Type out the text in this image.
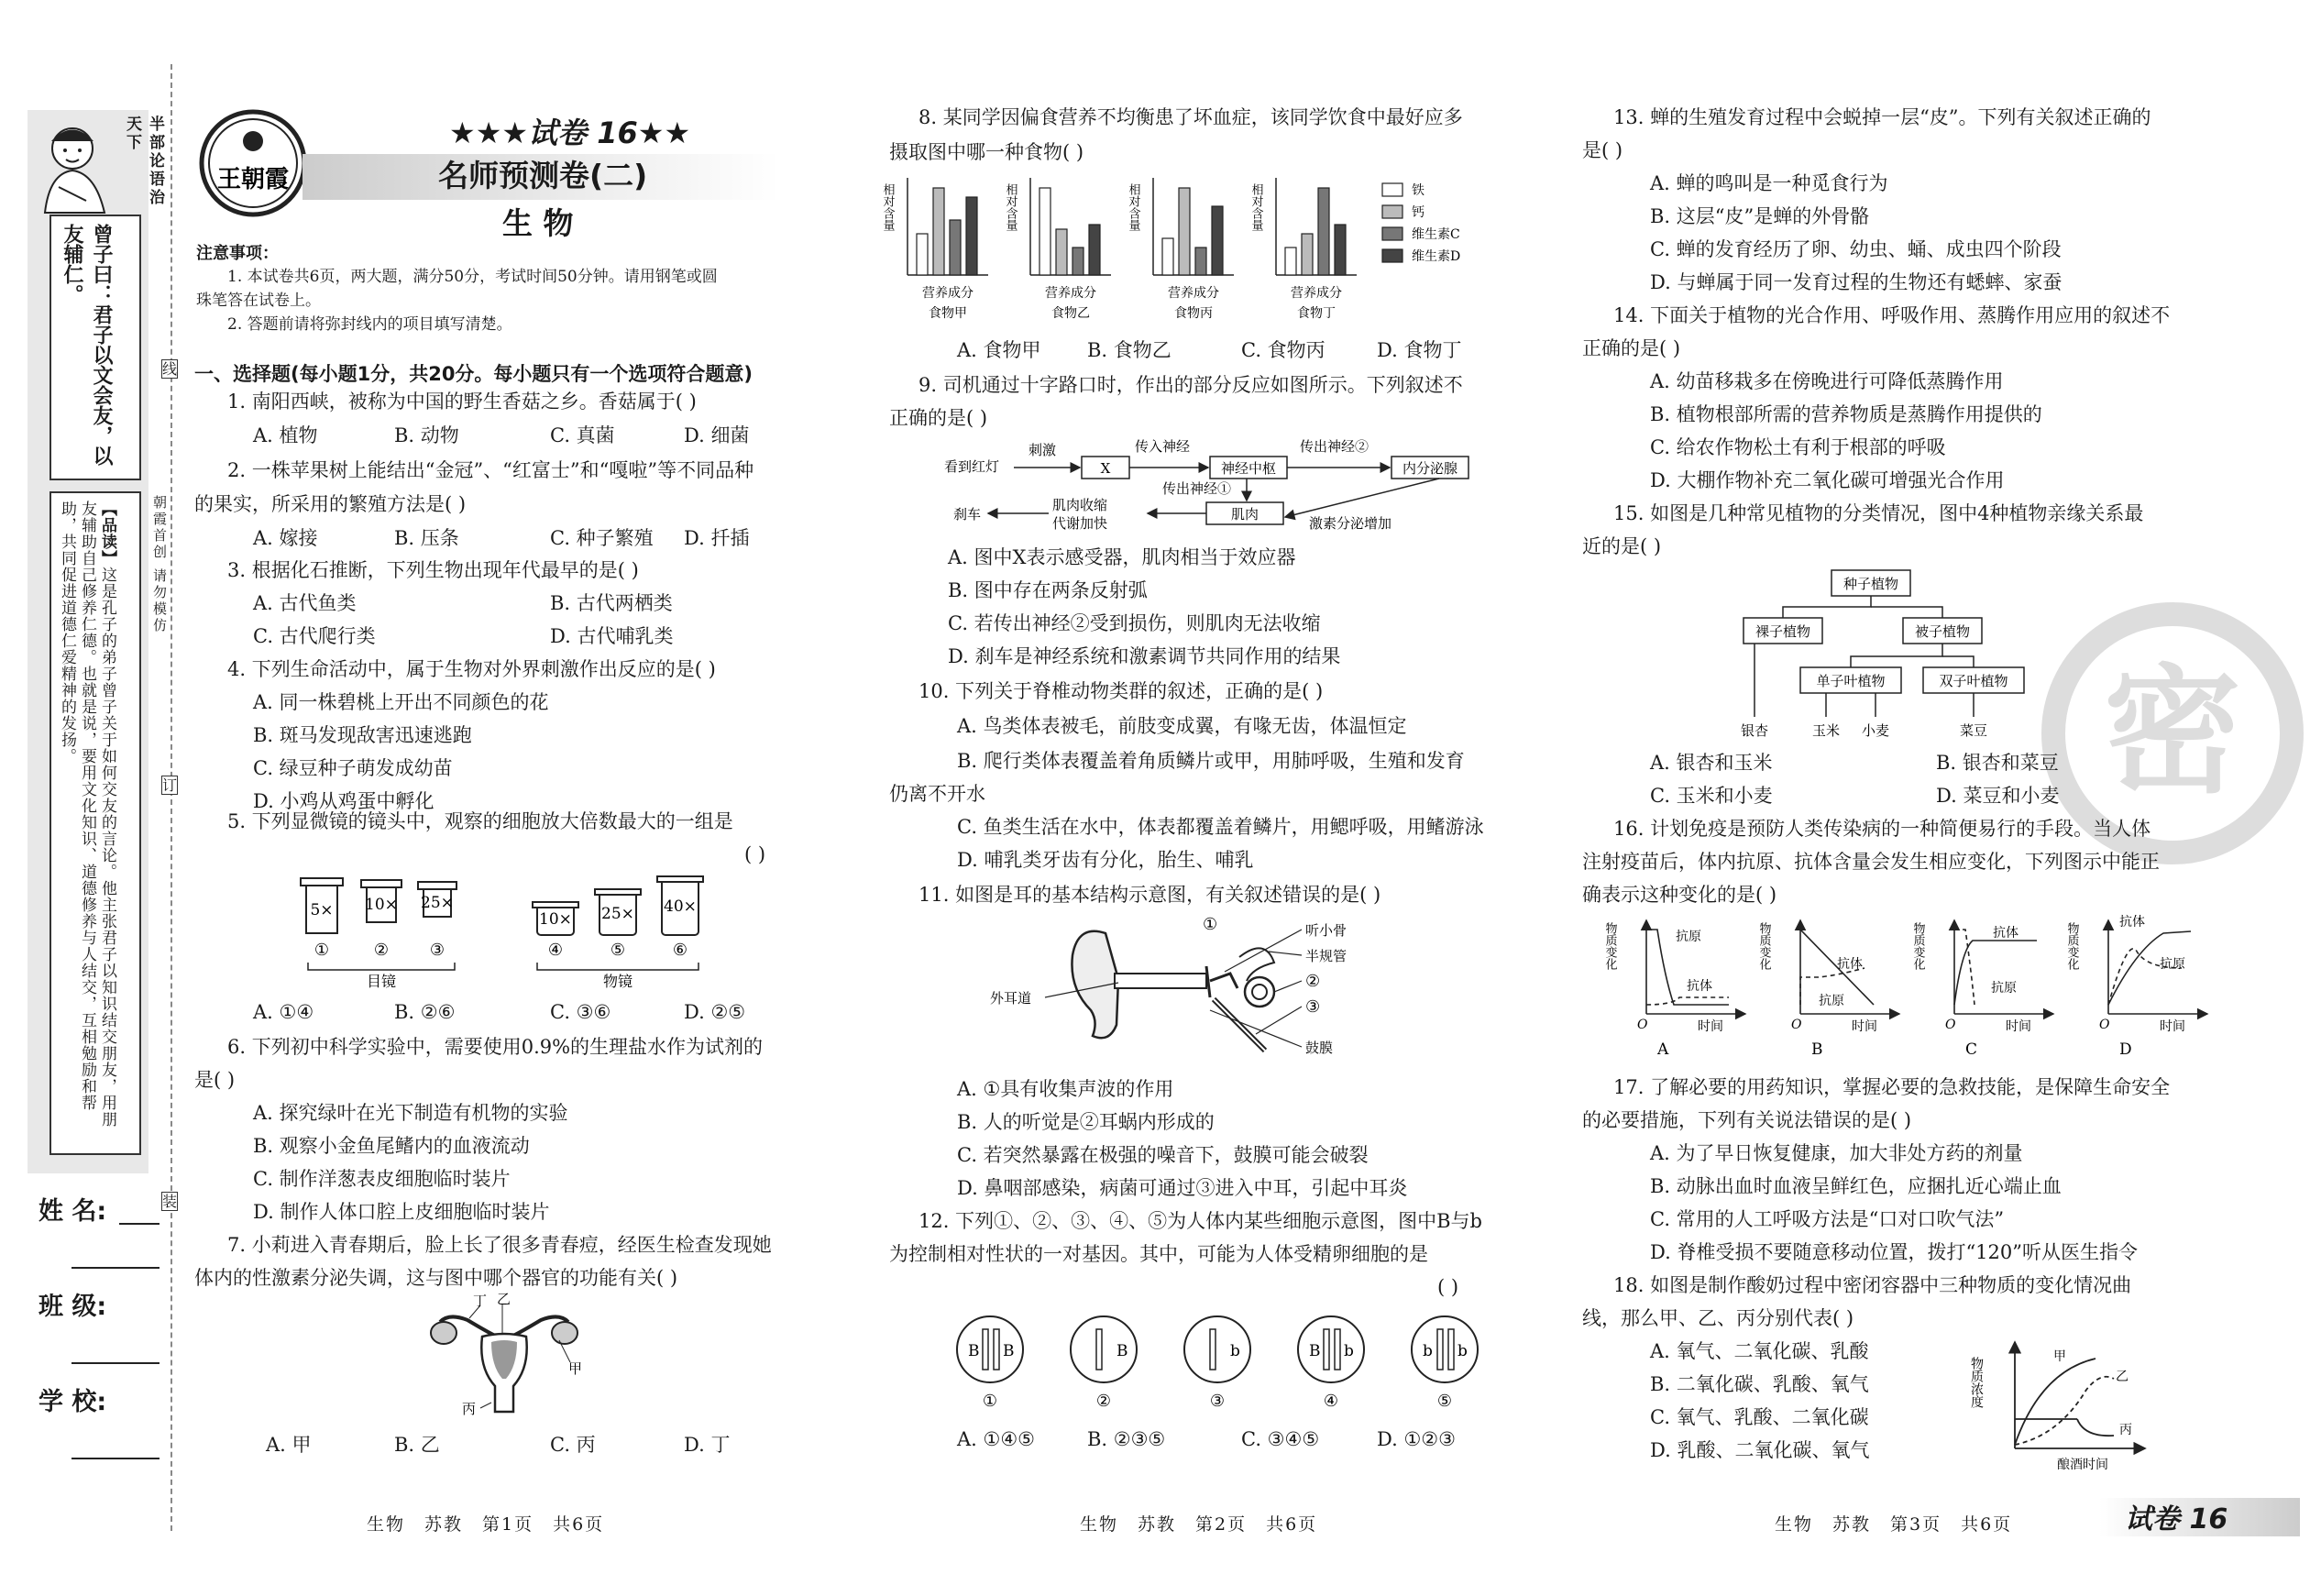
半部论语治天下
曾子曰：君子以文会友，以友辅仁。
【品读】这是孔子的弟子曾子关于如何交友的言论。他主张君子以知识结交朋友，用朋友辅助自己修养仁德。也就是说，要用文化知识、道德修养与人结交，互相勉励和帮助，共同促进道德仁爱精神的发扬。
姓 名:
班 级:
学 校:
线
订
装
朝霞首创 请勿模仿
王朝霞
★★★试卷 16★★
名师预测卷(二)
生 物
注意事项：
1. 本试卷共6页，两大题，满分50分，考试时间50分钟。请用钢笔或圆
珠笔答在试卷上。
2. 答题前请将弥封线内的项目填写清楚。
一、选择题(每小题1分，共20分。每小题只有一个选项符合题意)
1. 南阳西峡，被称为中国的野生香菇之乡。香菇属于( )
A. 植物	B. 动物	C. 真菌	D. 细菌
2. 一株苹果树上能结出“金冠”、“红富士”和“嘎啦”等不同品种
的果实，所采用的繁殖方法是( )
A. 嫁接	B. 压条	C. 种子繁殖 D. 扦插
3. 根据化石推断，下列生物出现年代最早的是( )
A. 古代鱼类	B. 古代两栖类
C. 古代爬行类	D. 古代哺乳类
4. 下列生命活动中，属于生物对外界刺激作出反应的是( )
A. 同一株碧桃上开出不同颜色的花
B. 斑马发现敌害迅速逃跑
C. 绿豆种子萌发成幼苗
D. 小鸡从鸡蛋中孵化
5. 下列显微镜的镜头中，观察的细胞放大倍数最大的一组是
( )
5× 10× 25×
10× 25× 40×
①	② ③	④	⑤	⑥
目镜	物镜
A. ①④	B. ②⑥	C. ③⑥	D. ②⑤
6. 下列初中科学实验中，需要使用0.9%的生理盐水作为试剂的
是( )
A. 探究绿叶在光下制造有机物的实验
B. 观察小金鱼尾鳍内的血液流动
C. 制作洋葱表皮细胞临时装片
D. 制作人体口腔上皮细胞临时装片
7. 小莉进入青春期后，脸上长了很多青春痘，经医生检查发现她
体内的性激素分泌失调，这与图中哪个器官的功能有关( )
丁 乙
甲
丙
A. 甲	B. 乙	C. 丙	D. 丁
生物　苏教　第1页　共6页
8. 某同学因偏食营养不均衡患了坏血症，该同学饮食中最好应多
摄取图中哪一种食物( )
相对含量
营养成分
食物甲
相对含量
营养成分
食物乙
相对含量
营养成分
食物丙
相对含量
营养成分
食物丁
铁
钙
维生素C
维生素D
A. 食物甲 B. 食物乙	C. 食物丙	D. 食物丁
9. 司机通过十字路口时，作出的部分反应如图所示。下列叙述不
正确的是( )
看到红灯
刺激
X
传入神经
神经中枢
传出神经②
内分泌腺
传出神经①
肌肉
激素分泌增加
刹车
肌肉收缩
代谢加快
A. 图中X表示感受器，肌肉相当于效应器
B. 图中存在两条反射弧
C. 若传出神经②受到损伤，则肌肉无法收缩
D. 刹车是神经系统和激素调节共同作用的结果
10. 下列关于脊椎动物类群的叙述，正确的是( )
A. 鸟类体表被毛，前肢变成翼，有喙无齿，体温恒定
B. 爬行类体表覆盖着角质鳞片或甲，用肺呼吸，生殖和发育
仍离不开水
C. 鱼类生活在水中，体表都覆盖着鳞片，用鳃呼吸，用鳍游泳
D. 哺乳类牙齿有分化，胎生、哺乳
11. 如图是耳的基本结构示意图，有关叙述错误的是( )
听小骨
半规管
②
③
鼓膜
①
外耳道
A. ①具有收集声波的作用
B. 人的听觉是②耳蜗内形成的
C. 若突然暴露在极强的噪音下，鼓膜可能会破裂
D. 鼻咽部感染，病菌可通过③进入中耳，引起中耳炎
12. 下列①、②、③、④、⑤为人体内某些细胞示意图，图中B与b
为控制相对性状的一对基因。其中，可能为人体受精卵细胞的是
( )
B B
①
B
②
b
③
B b
④
b b
⑤
A. ①④⑤	B. ②③⑤	C. ③④⑤	D. ①②③
生物　苏教　第2页　共6页
密
13. 蝉的生殖发育过程中会蜕掉一层“皮”。下列有关叙述正确的
是( )
A. 蝉的鸣叫是一种觅食行为
B. 这层“皮”是蝉的外骨骼
C. 蝉的发育经历了卵、幼虫、蛹、成虫四个阶段
D. 与蝉属于同一发育过程的生物还有蟋蟀、家蚕
14. 下面关于植物的光合作用、呼吸作用、蒸腾作用应用的叙述不
正确的是( )
A. 幼苗移栽多在傍晚进行可降低蒸腾作用
B. 植物根部所需的营养物质是蒸腾作用提供的
C. 给农作物松土有利于根部的呼吸
D. 大棚作物补充二氧化碳可增强光合作用
15. 如图是几种常见植物的分类情况，图中4种植物亲缘关系最
近的是( )
种子植物
裸子植物	被子植物
单子叶植物	双子叶植物
银杏	玉米 小麦	菜豆
A. 银杏和玉米	B. 银杏和菜豆
C. 玉米和小麦	D. 菜豆和小麦
16. 计划免疫是预防人类传染病的一种简便易行的手段。当人体
注射疫苗后，体内抗原、抗体含量会发生相应变化，下列图示中能正
确表示这种变化的是( )
物质变化	抗原
抗体
O	时间
A
物质变化	抗体
抗原
O	时间
B
物质变化	抗体
抗原
O	时间
C
物质变化	抗体
抗原
O	时间
D
17. 了解必要的用药知识，掌握必要的急救技能，是保障生命安全
的必要措施，下列有关说法错误的是( )
A. 为了早日恢复健康，加大非处方药的剂量
B. 动脉出血时血液呈鲜红色，应捆扎近心端止血
C. 常用的人工呼吸方法是“口对口吹气法”
D. 脊椎受损不要随意移动位置，拨打“120”听从医生指令
18. 如图是制作酸奶过程中密闭容器中三种物质的变化情况曲
线，那么甲、乙、丙分别代表( )
A. 氧气、二氧化碳、乳酸
B. 二氧化碳、乳酸、氧气
C. 氧气、乳酸、二氧化碳
D. 乳酸、二氧化碳、氧气
物质浓度	甲
乙
丙
酿酒时间
生物　苏教　第3页　共6页	试卷 16
